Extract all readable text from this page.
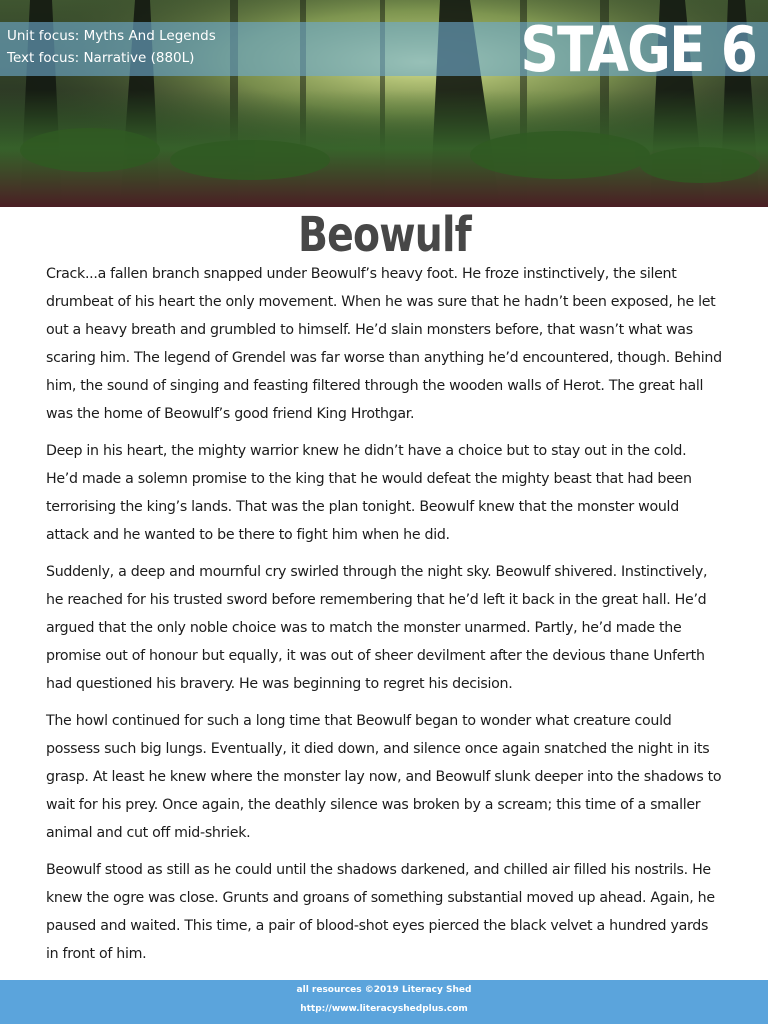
Unit focus: Myths And Legends
Text focus: Narrative (880L)	STAGE 6
Beowulf

Crack...a fallen branch snapped under Beowulf’s heavy foot. He froze instinctively, the silent drumbeat of his heart the only movement. When he was sure that he hadn’t been exposed, he let out a heavy breath and grumbled to himself. He’d slain monsters before, that wasn’t what was scaring him. The legend of Grendel was far worse than anything he’d encountered, though. Behind him, the sound of singing and feasting filtered through the wooden walls of Herot. The great hall was the home of Beowulf’s good friend King Hrothgar.

Deep in his heart, the mighty warrior knew he didn’t have a choice but to stay out in the cold. He’d made a solemn promise to the king that he would defeat the mighty beast that had been terrorising the king’s lands. That was the plan tonight. Beowulf knew that the monster would attack and he wanted to be there to fight him when he did.

Suddenly, a deep and mournful cry swirled through the night sky. Beowulf shivered. Instinctively, he reached for his trusted sword before remembering that he’d left it back in the great hall. He’d argued that the only noble choice was to match the monster unarmed. Partly, he’d made the promise out of honour but equally, it was out of sheer devilment after the devious thane Unferth had questioned his bravery. He was beginning to regret his decision.

The howl continued for such a long time that Beowulf began to wonder what creature could possess such big lungs. Eventually, it died down, and silence once again snatched the night in its grasp. At least he knew where the monster lay now, and Beowulf slunk deeper into the shadows to wait for his prey. Once again, the deathly silence was broken by a scream; this time of a smaller animal and cut off mid-shriek.

Beowulf stood as still as he could until the shadows darkened, and chilled air filled his nostrils. He knew the ogre was close. Grunts and groans of something substantial moved up ahead. Again, he paused and waited. This time, a pair of blood-shot eyes pierced the black velvet a hundred yards in front of him.

all resources ©2019 Literacy Shed
http://www.literacyshedplus.com
